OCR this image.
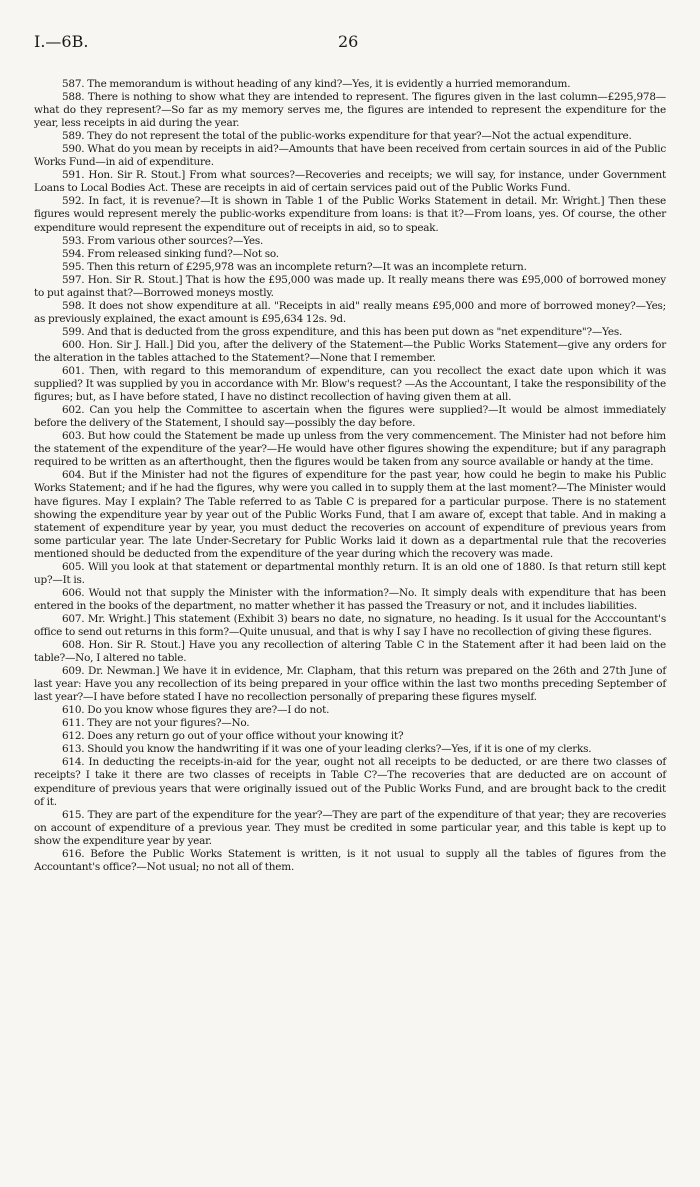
I.—6B.	26

587. The memorandum is without heading of any kind?—Yes, it is evidently a hurried memorandum.

588. There is nothing to show what they are intended to represent. The figures given in the last column—£295,978—what do they represent?—So far as my memory serves me, the figures are intended to represent the expenditure for the year, less receipts in aid during the year.

589. They do not represent the total of the public-works expenditure for that year?—Not the actual expenditure.

590. What do you mean by receipts in aid?—Amounts that have been received from certain sources in aid of the Public Works Fund—in aid of expenditure.

591. Hon. Sir R. Stout.] From what sources?—Recoveries and receipts; we will say, for instance, under Government Loans to Local Bodies Act. These are receipts in aid of certain services paid out of the Public Works Fund.

592. In fact, it is revenue?—It is shown in Table 1 of the Public Works Statement in detail. Mr. Wright.] Then these figures would represent merely the public-works expenditure from loans: is that it?—From loans, yes. Of course, the other expenditure would represent the expenditure out of receipts in aid, so to speak.

593. From various other sources?—Yes.

594. From released sinking fund?—Not so.

595. Then this return of £295,978 was an incomplete return?—It was an incomplete return.

597. Hon. Sir R. Stout.] That is how the £95,000 was made up. It really means there was £95,000 of borrowed money to put against that?—Borrowed moneys mostly.

598. It does not show expenditure at all. "Receipts in aid" really means £95,000 and more of borrowed money?—Yes; as previously explained, the exact amount is £95,634 12s. 9d.

599. And that is deducted from the gross expenditure, and this has been put down as "net expenditure"?—Yes.

600. Hon. Sir J. Hall.] Did you, after the delivery of the Statement—the Public Works Statement—give any orders for the alteration in the tables attached to the Statement?—None that I remember.

601. Then, with regard to this memorandum of expenditure, can you recollect the exact date upon which it was supplied? It was supplied by you in accordance with Mr. Blow's request? —As the Accountant, I take the responsibility of the figures; but, as I have before stated, I have no distinct recollection of having given them at all.

602. Can you help the Committee to ascertain when the figures were supplied?—It would be almost immediately before the delivery of the Statement, I should say—possibly the day before.

603. But how could the Statement be made up unless from the very commencement. The Minister had not before him the statement of the expenditure of the year?—He would have other figures showing the expenditure; but if any paragraph required to be written as an afterthought, then the figures would be taken from any source available or handy at the time.

604. But if the Minister had not the figures of expenditure for the past year, how could he begin to make his Public Works Statement; and if he had the figures, why were you called in to supply them at the last moment?—The Minister would have figures. May I explain? The Table referred to as Table C is prepared for a particular purpose. There is no statement showing the expenditure year by year out of the Public Works Fund, that I am aware of, except that table. And in making a statement of expenditure year by year, you must deduct the recoveries on account of expenditure of previous years from some particular year. The late Under-Secretary for Public Works laid it down as a departmental rule that the recoveries mentioned should be deducted from the expenditure of the year during which the recovery was made.

605. Will you look at that statement or departmental monthly return. It is an old one of 1880. Is that return still kept up?—It is.

606. Would not that supply the Minister with the information?—No. It simply deals with expenditure that has been entered in the books of the department, no matter whether it has passed the Treasury or not, and it includes liabilities.

607. Mr. Wright.] This statement (Exhibit 3) bears no date, no signature, no heading. Is it usual for the Acccountant's office to send out returns in this form?—Quite unusual, and that is why I say I have no recollection of giving these figures.

608. Hon. Sir R. Stout.] Have you any recollection of altering Table C in the Statement after it had been laid on the table?—No, I altered no table.

609. Dr. Newman.] We have it in evidence, Mr. Clapham, that this return was prepared on the 26th and 27th June of last year: Have you any recollection of its being prepared in your office within the last two months preceding September of last year?—I have before stated I have no recollection personally of preparing these figures myself.

610. Do you know whose figures they are?—I do not.

611. They are not your figures?—No.

612. Does any return go out of your office without your knowing it?

613. Should you know the handwriting if it was one of your leading clerks?—Yes, if it is one of my clerks.

614. In deducting the receipts-in-aid for the year, ought not all receipts to be deducted, or are there two classes of receipts? I take it there are two classes of receipts in Table C?—The recoveries that are deducted are on account of expenditure of previous years that were originally issued out of the Public Works Fund, and are brought back to the credit of it.

615. They are part of the expenditure for the year?—They are part of the expenditure of that year; they are recoveries on account of expenditure of a previous year. They must be credited in some particular year, and this table is kept up to show the expenditure year by year.

616. Before the Public Works Statement is written, is it not usual to supply all the tables of figures from the Accountant's office?—Not usual; no not all of them.
